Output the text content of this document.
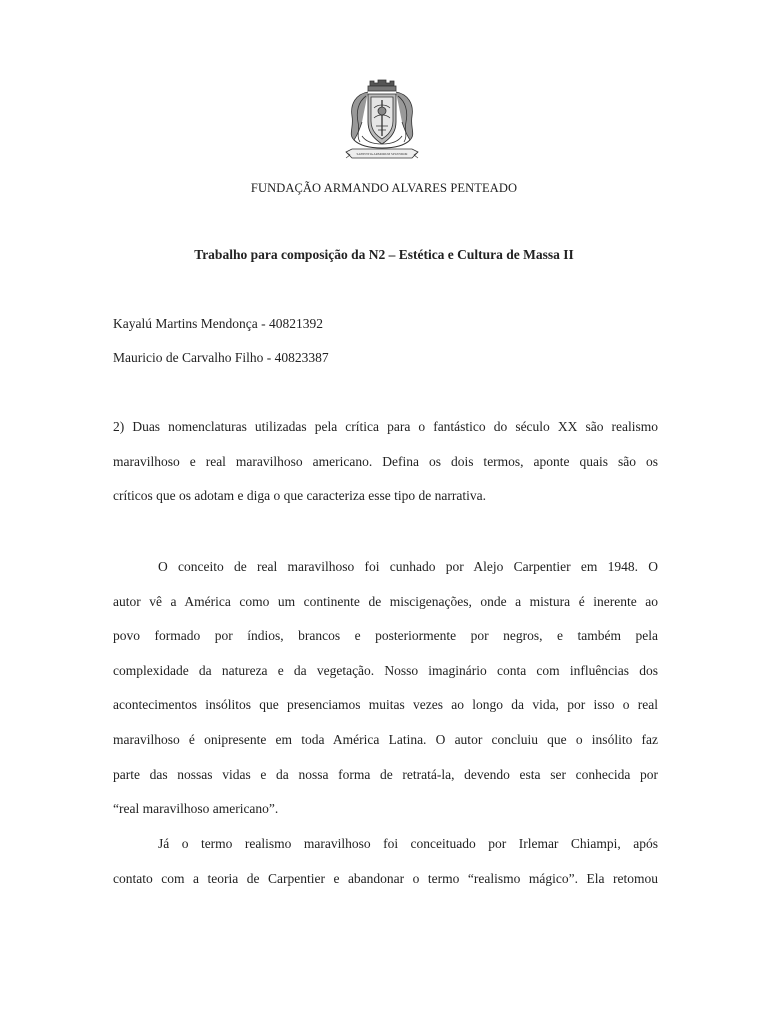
SAPIENTIA ARMORUM SPLENDOR
FUNDAÇÃO ARMANDO ALVARES PENTEADO
Trabalho para composição da N2 – Estética e Cultura de Massa II
Kayalú Martins Mendonça - 40821392
Mauricio de Carvalho Filho - 40823387
2) Duas nomenclaturas utilizadas pela crítica para o fantástico do século XX são realismo
maravilhoso e real maravilhoso americano. Defina os dois termos, aponte quais são os
críticos que os adotam e diga o que caracteriza esse tipo de narrativa.
O conceito de real maravilhoso foi cunhado por Alejo Carpentier em 1948. O
autor vê a América como um continente de miscigenações, onde a mistura é inerente ao
povo formado por índios, brancos e posteriormente por negros, e também pela
complexidade da natureza e da vegetação. Nosso imaginário conta com influências dos
acontecimentos insólitos que presenciamos muitas vezes ao longo da vida, por isso o real
maravilhoso é onipresente em toda América Latina. O autor concluiu que o insólito faz
parte das nossas vidas e da nossa forma de retratá-la, devendo esta ser conhecida por
“real maravilhoso americano”.
Já o termo realismo maravilhoso foi conceituado por Irlemar Chiampi, após
contato com a teoria de Carpentier e abandonar o termo “realismo mágico”. Ela retomou
